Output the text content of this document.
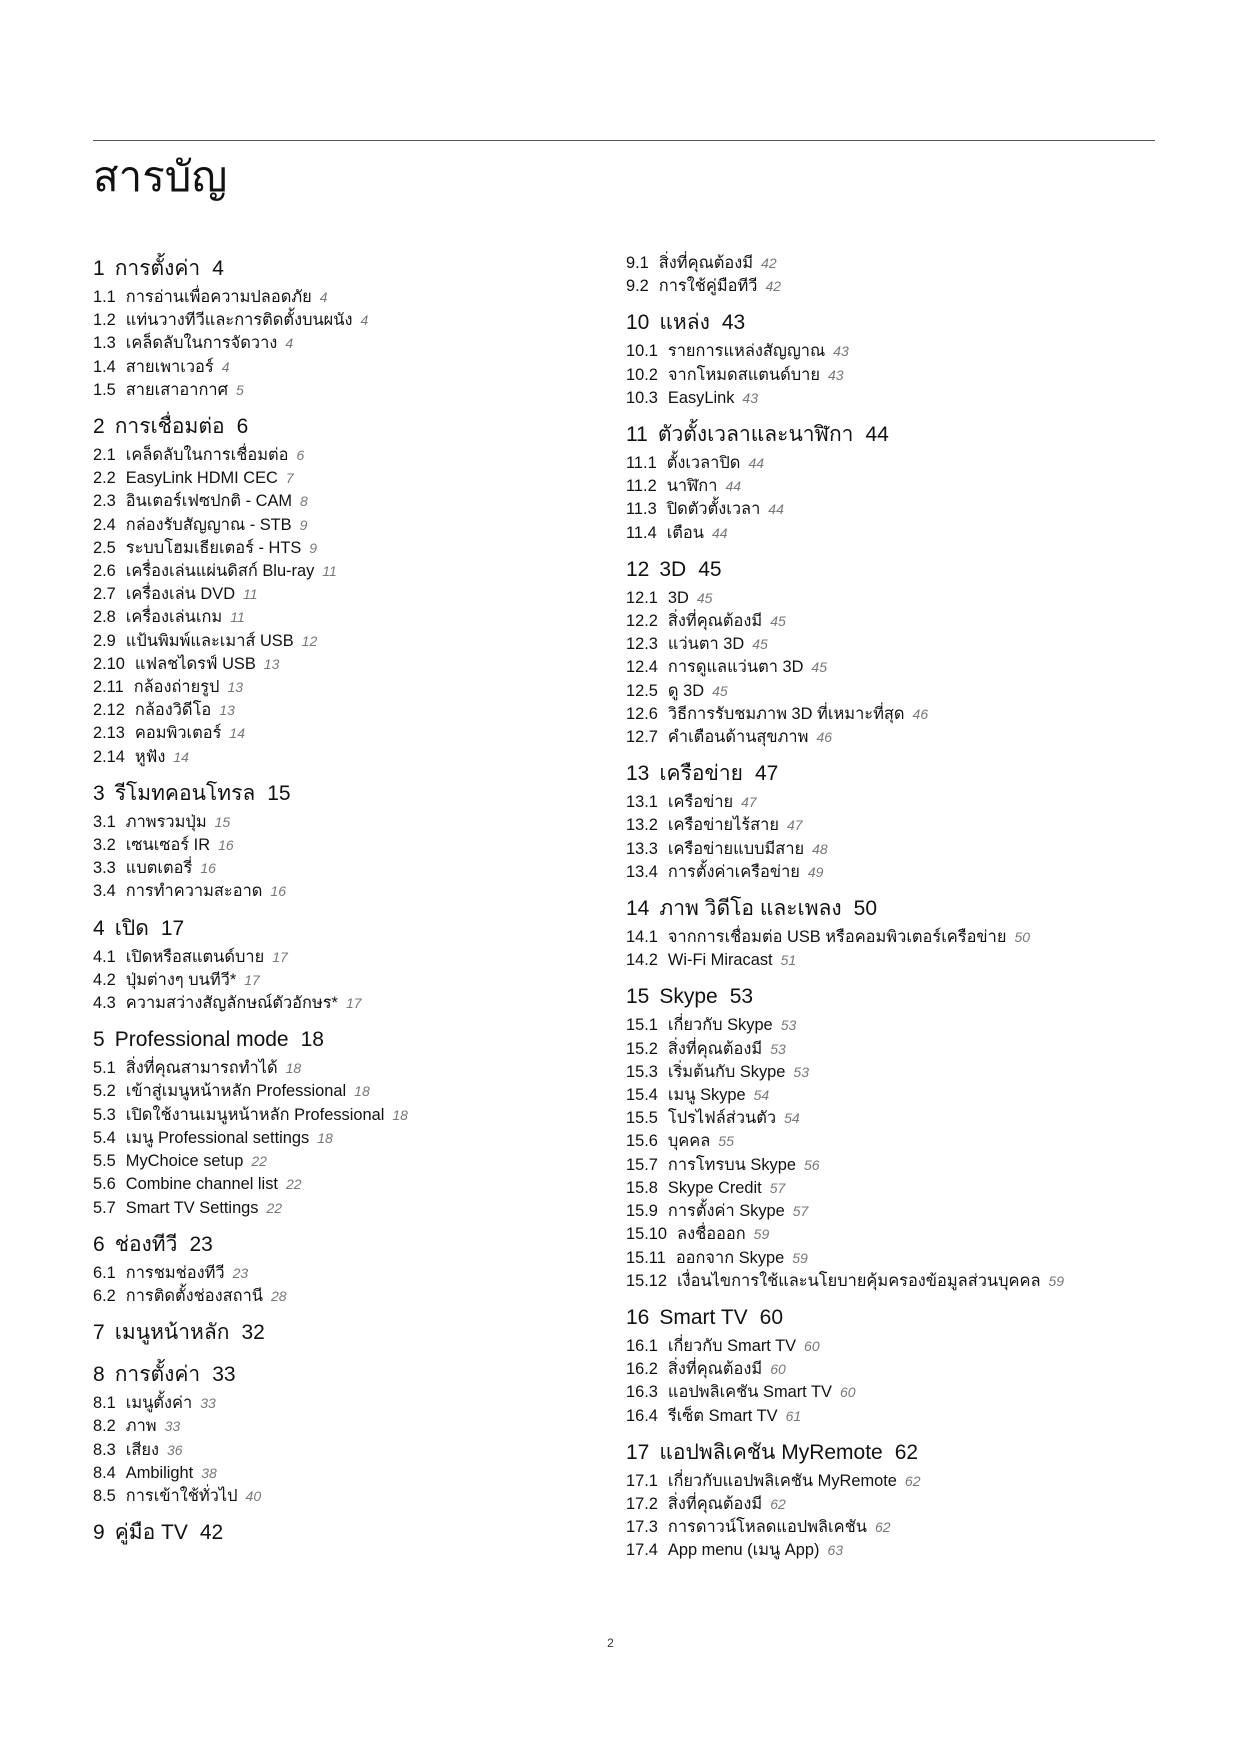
สารบัญ
1 การตั้งค่า 4
1.1 การอ่านเพื่อความปลอดภัย 4
1.2 แท่นวางทีวีและการติดตั้งบนผนัง 4
1.3 เคล็ดลับในการจัดวาง 4
1.4 สายเพาเวอร์ 4
1.5 สายเสาอากาศ 5
2 การเชื่อมต่อ 6
2.1 เคล็ดลับในการเชื่อมต่อ 6
2.2 EasyLink HDMI CEC 7
2.3 อินเตอร์เฟซปกติ - CAM 8
2.4 กล่องรับสัญญาณ - STB 9
2.5 ระบบโฮมเธียเตอร์ - HTS 9
2.6 เครื่องเล่นแผ่นดิสก์ Blu-ray 11
2.7 เครื่องเล่น DVD 11
2.8 เครื่องเล่นเกม 11
2.9 แป้นพิมพ์และเมาส์ USB 12
2.10 แฟลชไดรฟ์ USB 13
2.11 กล้องถ่ายรูป 13
2.12 กล้องวิดีโอ 13
2.13 คอมพิวเตอร์ 14
2.14 หูฟัง 14
3 รีโมทคอนโทรล 15
3.1 ภาพรวมปุ่ม 15
3.2 เซนเซอร์ IR 16
3.3 แบตเตอรี่ 16
3.4 การทำความสะอาด 16
4 เปิด 17
4.1 เปิดหรือสแตนด์บาย 17
4.2 ปุ่มต่างๆ บนทีวี* 17
4.3 ความสว่างสัญลักษณ์ตัวอักษร* 17
5 Professional mode 18
5.1 สิ่งที่คุณสามารถทำได้ 18
5.2 เข้าสู่เมนูหน้าหลัก Professional 18
5.3 เปิดใช้งานเมนูหน้าหลัก Professional 18
5.4 เมนู Professional settings 18
5.5 MyChoice setup 22
5.6 Combine channel list 22
5.7 Smart TV Settings 22
6 ช่องทีวี 23
6.1 การชมช่องทีวี 23
6.2 การติดตั้งช่องสถานี 28
7 เมนูหน้าหลัก 32
8 การตั้งค่า 33
8.1 เมนูตั้งค่า 33
8.2 ภาพ 33
8.3 เสียง 36
8.4 Ambilight 38
8.5 การเข้าใช้ทั่วไป 40
9 คู่มือ TV 42
9.1 สิ่งที่คุณต้องมี 42
9.2 การใช้คู่มือทีวี 42
10 แหล่ง 43
10.1 รายการแหล่งสัญญาณ 43
10.2 จากโหมดสแตนด์บาย 43
10.3 EasyLink 43
11 ตัวตั้งเวลาและนาฬิกา 44
11.1 ตั้งเวลาปิด 44
11.2 นาฬิกา 44
11.3 ปิดตัวตั้งเวลา 44
11.4 เตือน 44
12 3D 45
12.1 3D 45
12.2 สิ่งที่คุณต้องมี 45
12.3 แว่นตา 3D 45
12.4 การดูแลแว่นตา 3D 45
12.5 ดู 3D 45
12.6 วิธีการรับชมภาพ 3D ที่เหมาะที่สุด 46
12.7 คำเตือนด้านสุขภาพ 46
13 เครือข่าย 47
13.1 เครือข่าย 47
13.2 เครือข่ายไร้สาย 47
13.3 เครือข่ายแบบมีสาย 48
13.4 การตั้งค่าเครือข่าย 49
14 ภาพ วิดีโอ และเพลง 50
14.1 จากการเชื่อมต่อ USB หรือคอมพิวเตอร์เครือข่าย 50
14.2 Wi-Fi Miracast 51
15 Skype 53
15.1 เกี่ยวกับ Skype 53
15.2 สิ่งที่คุณต้องมี 53
15.3 เริ่มต้นกับ Skype 53
15.4 เมนู Skype 54
15.5 โปรไฟล์ส่วนตัว 54
15.6 บุคคล 55
15.7 การโทรบน Skype 56
15.8 Skype Credit 57
15.9 การตั้งค่า Skype 57
15.10 ลงชื่อออก 59
15.11 ออกจาก Skype 59
15.12 เงื่อนไขการใช้และนโยบายคุ้มครองข้อมูลส่วนบุคคล 59
16 Smart TV 60
16.1 เกี่ยวกับ Smart TV 60
16.2 สิ่งที่คุณต้องมี 60
16.3 แอปพลิเคชัน Smart TV 60
16.4 รีเซ็ต Smart TV 61
17 แอปพลิเคชัน MyRemote 62
17.1 เกี่ยวกับแอปพลิเคชัน MyRemote 62
17.2 สิ่งที่คุณต้องมี 62
17.3 การดาวน์โหลดแอปพลิเคชัน 62
17.4 App menu (เมนู App) 63
2
